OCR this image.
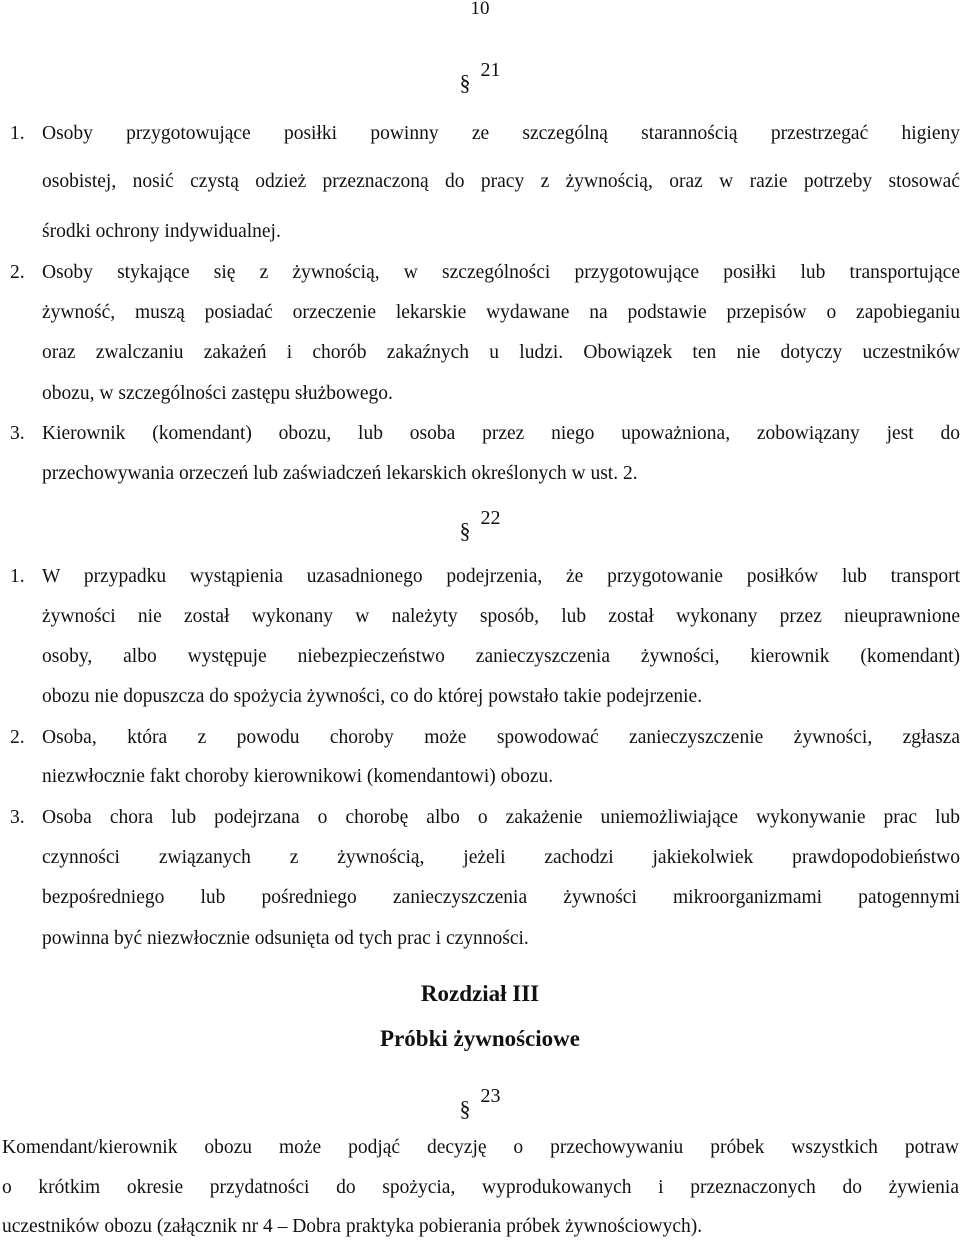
10
§ 21
1. Osoby przygotowujące posiłki powinny ze szczególną starannością przestrzegać higieny
osobistej, nosić czystą odzież przeznaczoną do pracy z żywnością, oraz w razie potrzeby stosować
środki ochrony indywidualnej.
2. Osoby stykające się z żywnością, w szczególności przygotowujące posiłki lub transportujące
żywność, muszą posiadać orzeczenie lekarskie wydawane na podstawie przepisów o zapobieganiu
oraz zwalczaniu zakażeń i chorób zakaźnych u ludzi. Obowiązek ten nie dotyczy uczestników
obozu, w szczególności zastępu służbowego.
3. Kierownik (komendant) obozu, lub osoba przez niego upoważniona, zobowiązany jest do
przechowywania orzeczeń lub zaświadczeń lekarskich określonych w ust. 2.
§ 22
1. W przypadku wystąpienia uzasadnionego podejrzenia, że przygotowanie posiłków lub transport
żywności nie został wykonany w należyty sposób, lub został wykonany przez nieuprawnione
osoby, albo występuje niebezpieczeństwo zanieczyszczenia żywności, kierownik (komendant)
obozu nie dopuszcza do spożycia żywności, co do której powstało takie podejrzenie.
2. Osoba, która z powodu choroby może spowodować zanieczyszczenie żywności, zgłasza
niezwłocznie fakt choroby kierownikowi (komendantowi) obozu.
3. Osoba chora lub podejrzana o chorobę albo o zakażenie uniemożliwiające wykonywanie prac lub
czynności związanych z żywnością, jeżeli zachodzi jakiekolwiek prawdopodobieństwo
bezpośredniego lub pośredniego zanieczyszczenia żywności mikroorganizmami patogennymi
powinna być niezwłocznie odsunięta od tych prac i czynności.
Rozdział III
Próbki żywnościowe
§ 23
Komendant/kierownik obozu może podjąć decyzję o przechowywaniu próbek wszystkich potraw
o krótkim okresie przydatności do spożycia, wyprodukowanych i przeznaczonych do żywienia
uczestników obozu (załącznik nr 4 – Dobra praktyka pobierania próbek żywnościowych).
